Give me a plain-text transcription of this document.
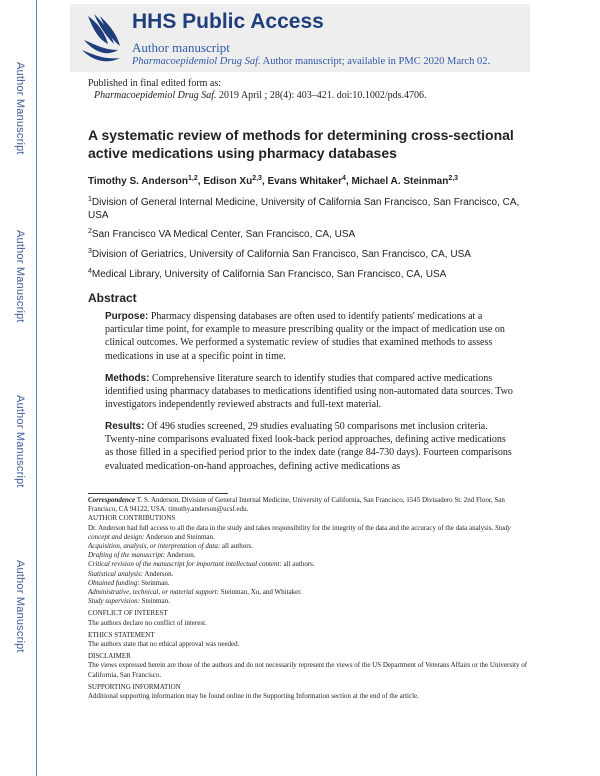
Author Manuscript
Author Manuscript
Author Manuscript
Author Manuscript
HHS Public Access
Author manuscript
Pharmacoepidemiol Drug Saf. Author manuscript; available in PMC 2020 March 02.
Published in final edited form as:
Pharmacoepidemiol Drug Saf. 2019 April ; 28(4): 403–421. doi:10.1002/pds.4706.
A systematic review of methods for determining cross-sectional active medications using pharmacy databases
Timothy S. Anderson$^{1,2}$, Edison Xu$^{2,3}$, Evans Whitaker$^4$, Michael A. Steinman$^{2,3}$
$^1$Division of General Internal Medicine, University of California San Francisco, San Francisco, CA, USA
$^2$San Francisco VA Medical Center, San Francisco, CA, USA
$^3$Division of Geriatrics, University of California San Francisco, San Francisco, CA, USA
$^4$Medical Library, University of California San Francisco, San Francisco, CA, USA
Abstract
Purpose: Pharmacy dispensing databases are often used to identify patients' medications at a particular time point, for example to measure prescribing quality or the impact of medication use on clinical outcomes. We performed a systematic review of studies that examined methods to assess medications in use at a specific point in time.
Methods: Comprehensive literature search to identify studies that compared active medications identified using pharmacy databases to medications identified using non-automated data sources. Two investigators independently reviewed abstracts and full-text material.
Results: Of 496 studies screened, 29 studies evaluating 50 comparisons met inclusion criteria. Twenty-nine comparisons evaluated fixed look-back period approaches, defining active medications as those filled in a specified period prior to the index date (range 84-730 days). Fourteen comparisons evaluated medication-on-hand approaches, defining active medications as
Correspondence T. S. Anderson, Division of General Internal Medicine, University of California, San Francisco, 1545 Divisadero St. 2nd Floor, San Francisco, CA 94122, USA. timothy.anderson@ucsf.edu.
AUTHOR CONTRIBUTIONS
Dr. Anderson had full access to all the data in the study and takes responsibility for the integrity of the data and the accuracy of the data analysis. Study concept and design: Anderson and Steinman.
Acquisition, analysis, or interpretation of data: all authors.
Drafting of the manuscript: Anderson.
Critical revision of the manuscript for important intellectual content: all authors.
Statistical analysis: Anderson.
Obtained funding: Steinman.
Administrative, technical, or material support: Steinman, Xu, and Whitaker.
Study supervision: Steinman.
CONFLICT OF INTEREST
The authors declare no conflict of interest.
ETHICS STATEMENT
The authors state that no ethical approval was needed.
DISCLAIMER
The views expressed herein are those of the authors and do not necessarily represent the views of the US Department of Veterans Affairs or the University of California, San Francisco.
SUPPORTING INFORMATION
Additional supporting information may be found online in the Supporting Information section at the end of the article.
